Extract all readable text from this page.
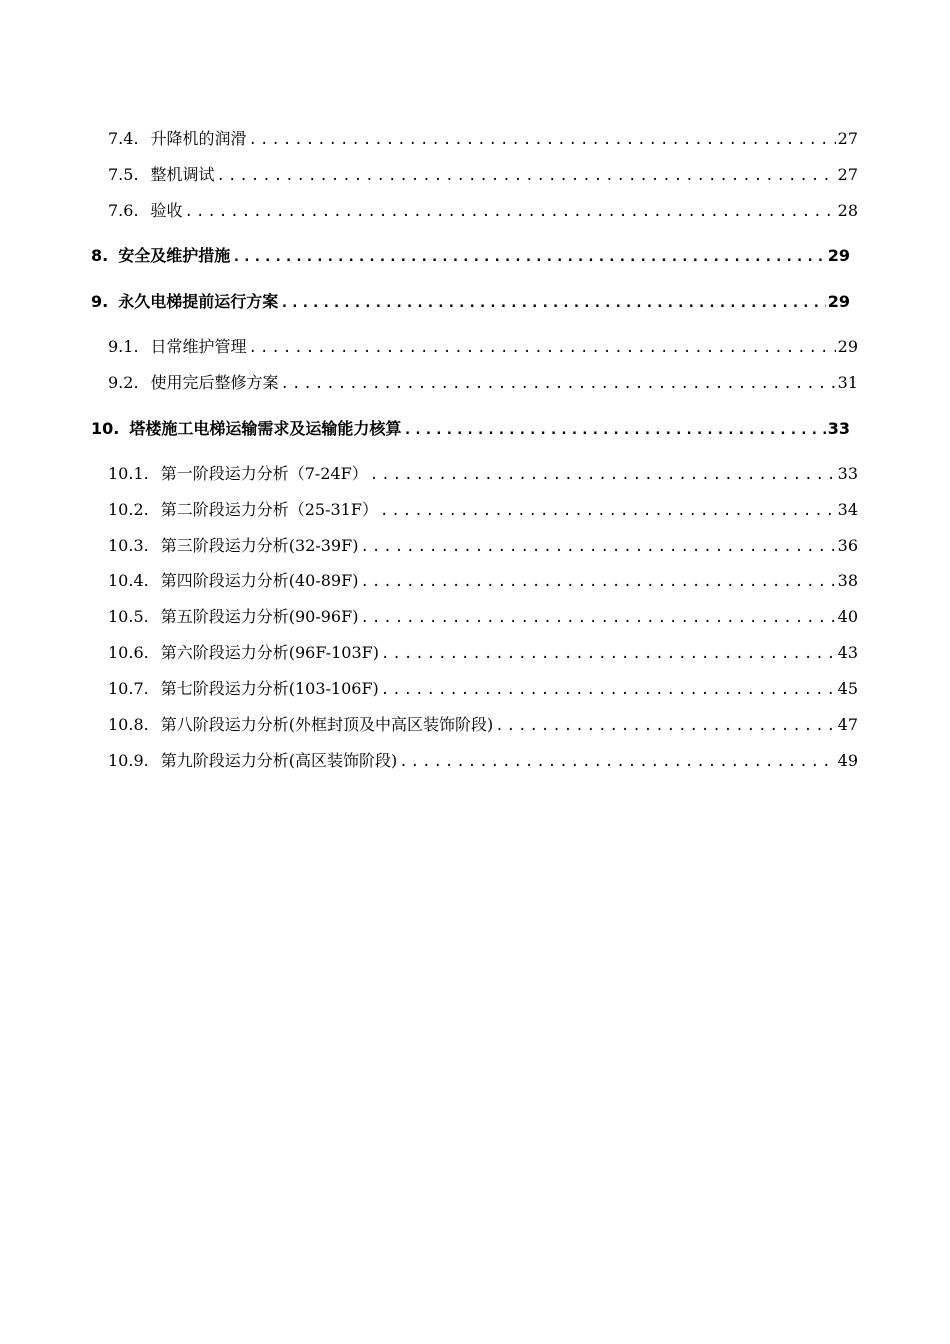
7.4. 升降机的润滑 .....	27
7.5. 整机调试 .....	27
7.6. 验收 .....	28
8. 安全及维护措施 .....	29
9. 永久电梯提前运行方案 .....	29
9.1. 日常维护管理 .....	29
9.2. 使用完后整修方案 .....	31
10. 塔楼施工电梯运输需求及运输能力核算 .....	33
10.1. 第一阶段运力分析（7-24F） .....	33
10.2. 第二阶段运力分析（25-31F） .....	34
10.3. 第三阶段运力分析(32-39F) .....	36
10.4. 第四阶段运力分析(40-89F) .....	38
10.5. 第五阶段运力分析(90-96F) .....	40
10.6. 第六阶段运力分析(96F-103F) .....	43
10.7. 第七阶段运力分析(103-106F) .....	45
10.8. 第八阶段运力分析(外框封顶及中高区装饰阶段) .....	47
10.9. 第九阶段运力分析(高区装饰阶段) .....	49
